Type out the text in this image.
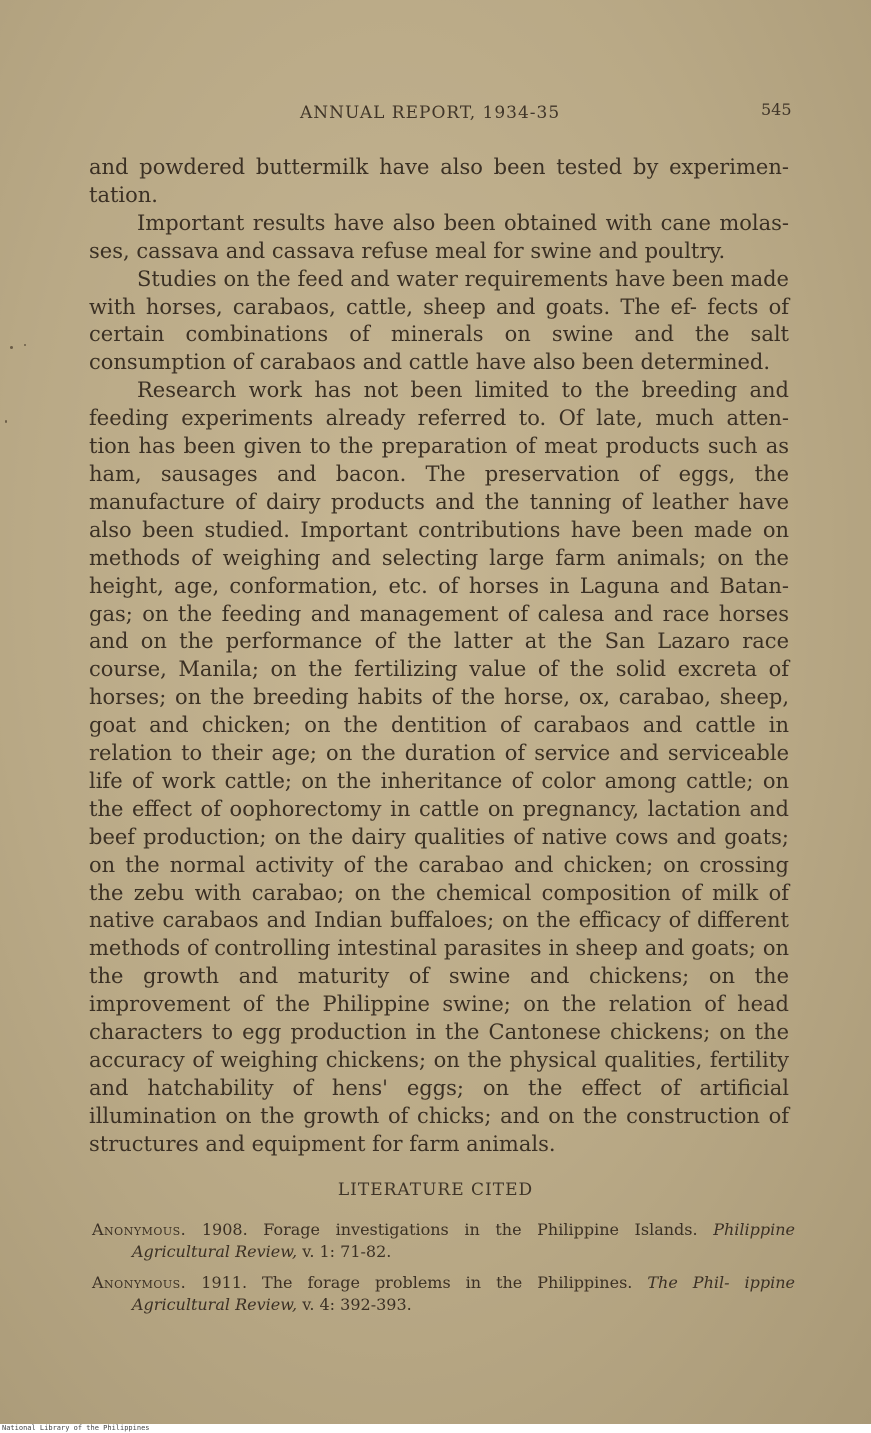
ANNUAL REPORT, 1934-35	545

and powdered buttermilk have also been tested by experimen- tation.

Important results have also been obtained with cane molas- ses, cassava and cassava refuse meal for swine and poultry.

Studies on the feed and water requirements have been made with horses, carabaos, cattle, sheep and goats. The ef- fects of certain combinations of minerals on swine and the salt consumption of carabaos and cattle have also been determined.

Research work has not been limited to the breeding and feeding experiments already referred to. Of late, much atten- tion has been given to the preparation of meat products such as ham, sausages and bacon. The preservation of eggs, the manufacture of dairy products and the tanning of leather have also been studied. Important contributions have been made on methods of weighing and selecting large farm animals; on the height, age, conformation, etc. of horses in Laguna and Batan- gas; on the feeding and management of calesa and race horses and on the performance of the latter at the San Lazaro race course, Manila; on the fertilizing value of the solid excreta of horses; on the breeding habits of the horse, ox, carabao, sheep, goat and chicken; on the dentition of carabaos and cattle in relation to their age; on the duration of service and serviceable life of work cattle; on the inheritance of color among cattle; on the effect of oophorectomy in cattle on pregnancy, lactation and beef production; on the dairy qualities of native cows and goats; on the normal activity of the carabao and chicken; on crossing the zebu with carabao; on the chemical composition of milk of native carabaos and Indian buffaloes; on the efficacy of different methods of controlling intestinal parasites in sheep and goats; on the growth and maturity of swine and chickens; on the improvement of the Philippine swine; on the relation of head characters to egg production in the Cantonese chickens; on the accuracy of weighing chickens; on the physical qualities, fertility and hatchability of hens' eggs; on the effect of artificial illumination on the growth of chicks; and on the construction of structures and equipment for farm animals.

LITERATURE CITED

Anonymous. 1908. Forage investigations in the Philippine Islands. Philippine Agricultural Review, v. 1: 71-82.

Anonymous. 1911. The forage problems in the Philippines. The Phil- ippine Agricultural Review, v. 4: 392-393.

National Library of the Philippines
